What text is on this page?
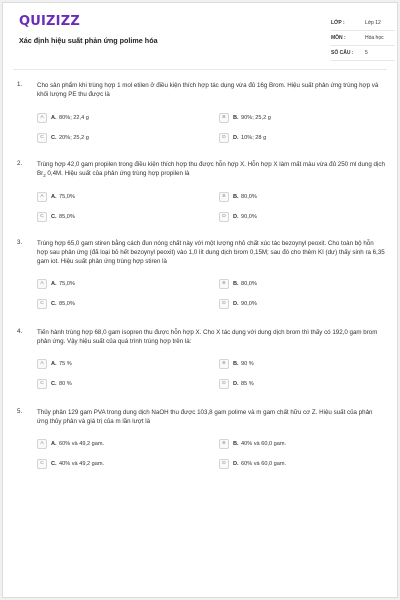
QUIZIZZ
Xác định hiệu suất phản ứng polime hóa
LỚP :	Lớp 12
MÔN :	Hóa học
SỐ CÂU : 5
1. Cho sản phẩm khi trùng hợp 1 mol etilen ở điều kiện thích hợp tác dụng vừa đủ 16g Brom. Hiệu suất phản ứng trùng hợp và khối lượng PE thu được là
A	A. 80%; 22,4 g	B	B. 90%; 25,2 g
C	C. 20%; 25,2 g	D	D. 10%; 28 g
2. Trùng hợp 42,0 gam propilen trong điều kiện thích hợp thu được hỗn hợp X. Hỗn hợp X làm mất màu vừa đủ 250 ml dung dịch $Br_2$ 0,4M. Hiệu suất của phản ứng trùng hợp propilen là
A	A. 75,0%	B	B. 80,0%
C	C. 85,0%	D	D. 90,0%
3. Trùng hợp 65,0 gam stiren bằng cách đun nóng chất này với một lượng nhỏ chất xúc tác bezoynyl peoxit. Cho toàn bộ hỗn hợp sau phản ứng (đã loại bỏ hết bezoynyl peoxit) vào 1,0 lít dung dịch brom 0,15M; sau đó cho thêm KI (dư) thấy sinh ra 6,35 gam iot. Hiệu suất phản ứng trùng hợp stiren là
A	A. 75,0%	B	B. 80,0%
C	C. 85,0%	D	D. 90,0%
4. Tiến hành trùng hợp 68,0 gam isopren thu được hỗn hợp X. Cho X tác dụng với dung dịch brom thì thấy có 192,0 gam brom phản ứng. Vậy hiệu suất của quá trình trùng hợp trên là:
A	A. 75 %	B	B. 90 %
C	C. 80 %	D	D. 85 %
5. Thủy phân 129 gam PVA trong dung dịch NaOH thu được 103,8 gam polime và m gam chất hữu cơ Z. Hiệu suất của phản ứng thủy phân và giá trị của m lần lượt là
A	A. 60% và 49,2 gam.	B	B. 40% và 60,0 gam.
C	C. 40% và 49,2 gam.	D	D. 60% và 60,0 gam.
